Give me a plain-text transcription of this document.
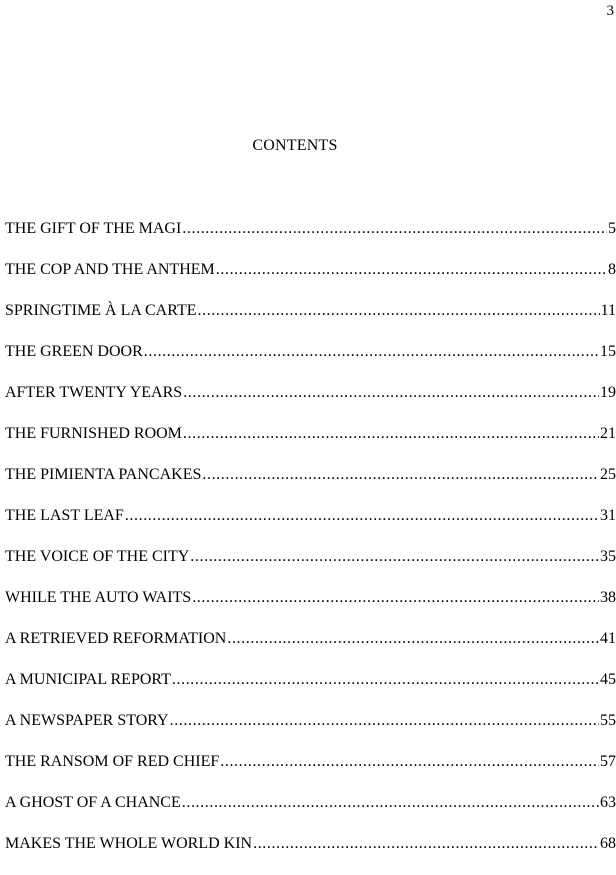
3
CONTENTS
THE GIFT OF THE MAGI .....	5
THE COP AND THE ANTHEM .....	8
SPRINGTIME À LA CARTE .....	11
THE GREEN DOOR .....	15
AFTER TWENTY YEARS .....	19
THE FURNISHED ROOM .....	21
THE PIMIENTA PANCAKES .....	25
THE LAST LEAF .....	31
THE VOICE OF THE CITY .....	35
WHILE THE AUTO WAITS .....	38
A RETRIEVED REFORMATION .....	41
A MUNICIPAL REPORT .....	45
A NEWSPAPER STORY .....	55
THE RANSOM OF RED CHIEF .....	57
A GHOST OF A CHANCE .....	63
MAKES THE WHOLE WORLD KIN .....	68
